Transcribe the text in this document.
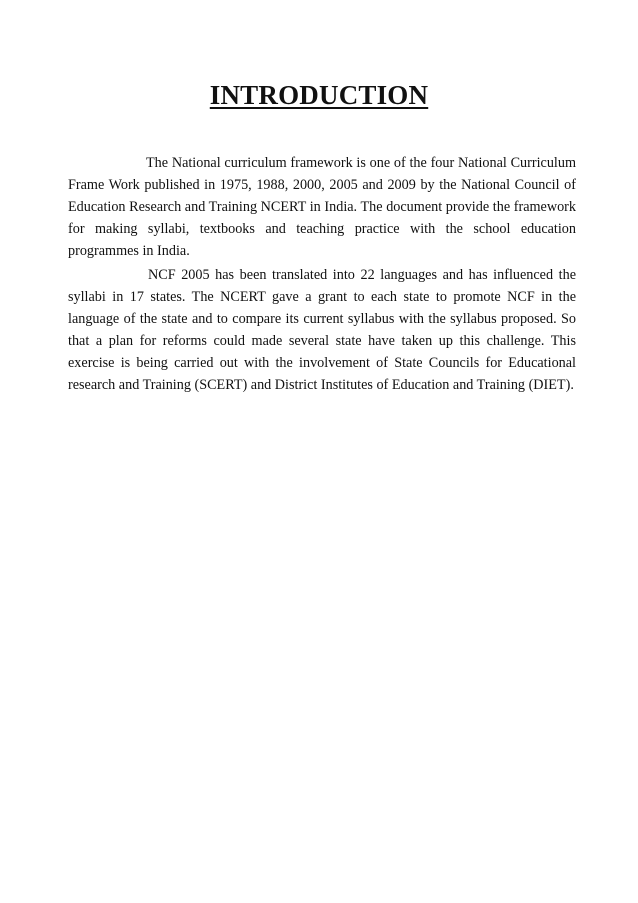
INTRODUCTION

The National curriculum framework is one of the four National Curriculum Frame Work published in 1975, 1988, 2000, 2005 and 2009 by the National Council of Education Research and Training NCERT in India. The document provide the framework for making syllabi, textbooks and teaching practice with the school education programmes in India.

NCF 2005 has been translated into 22 languages and has influenced the syllabi in 17 states. The NCERT gave a grant to each state to promote NCF in the language of the state and to compare its current syllabus with the syllabus proposed. So that a plan for reforms could made several state have taken up this challenge. This exercise is being carried out with the involvement of State Councils for Educational research and Training (SCERT) and District Institutes of Education and Training (DIET).
